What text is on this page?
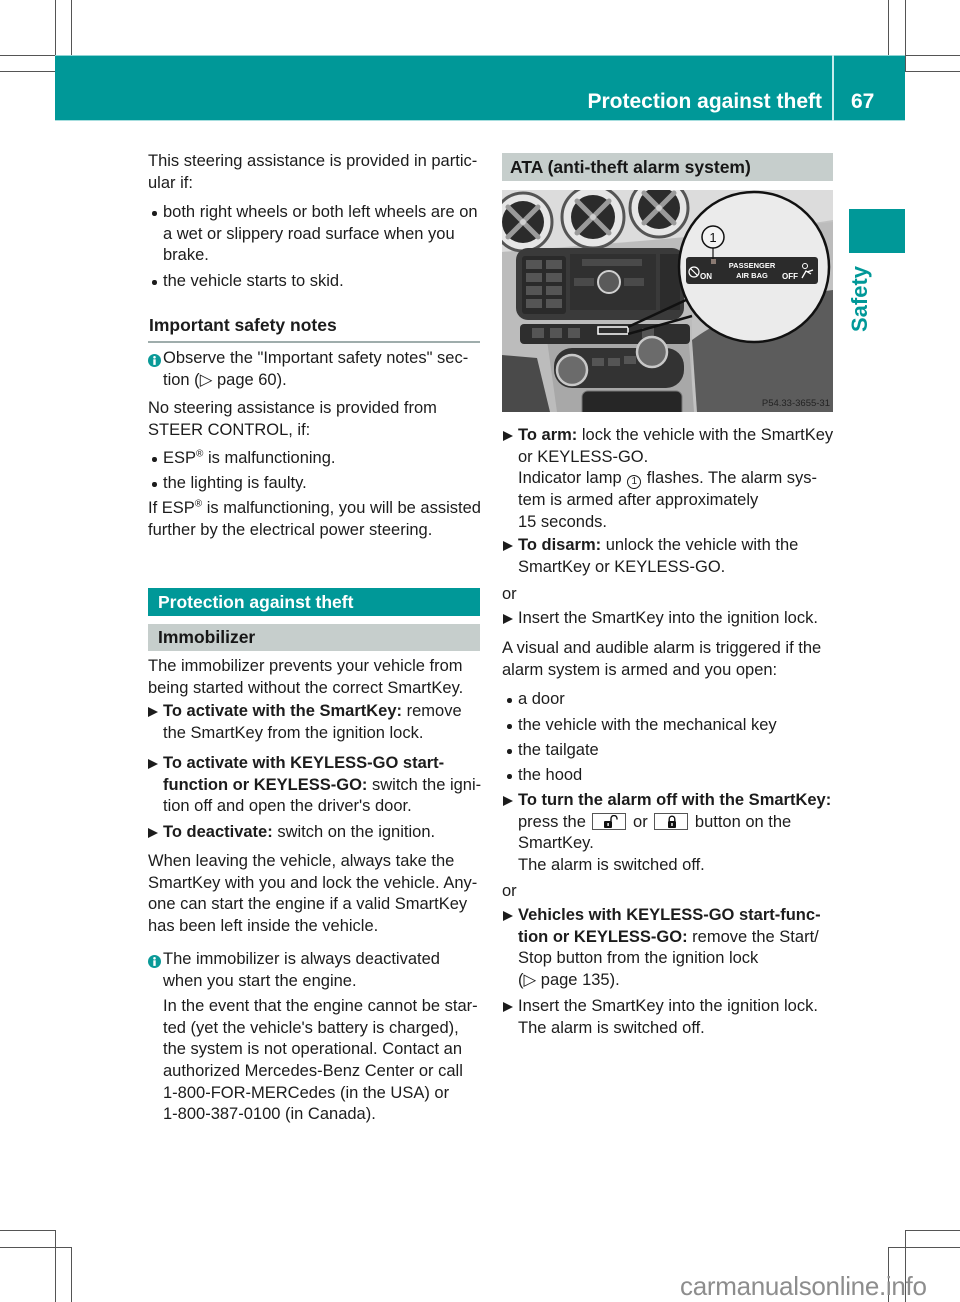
Protection against theft 67
Safety
This steering assistance is provided in partic-
ular if:
both right wheels or both left wheels are on
a wet or slippery road surface when you
brake.
the vehicle starts to skid.
Important safety notes
Observe the "Important safety notes" sec-
tion (▷ page 60).
No steering assistance is provided from
STEER CONTROL, if:
ESP® is malfunctioning.
the lighting is faulty.
If ESP® is malfunctioning, you will be assisted
further by the electrical power steering.
Protection against theft
Immobilizer
The immobilizer prevents your vehicle from
being started without the correct SmartKey.
To activate with the SmartKey: remove
the SmartKey from the ignition lock.
To activate with KEYLESS-GO start-
function or KEYLESS-GO: switch the igni-
tion off and open the driver's door.
To deactivate: switch on the ignition.
When leaving the vehicle, always take the
SmartKey with you and lock the vehicle. Any-
one can start the engine if a valid SmartKey
has been left inside the vehicle.
The immobilizer is always deactivated
when you start the engine.
In the event that the engine cannot be star-
ted (yet the vehicle's battery is charged),
the system is not operational. Contact an
authorized Mercedes-Benz Center or call
1-800-FOR-MERCedes (in the USA) or
1-800-387-0100 (in Canada).
ATA (anti-theft alarm system)
ON
PASSENGER
AIR BAG OFF
1
P54.33-3655-31
To arm: lock the vehicle with the SmartKey
or KEYLESS-GO.
Indicator lamp 1 flashes. The alarm sys-
tem is armed after approximately
15 seconds.
To disarm: unlock the vehicle with the
SmartKey or KEYLESS-GO.
or
Insert the SmartKey into the ignition lock.
A visual and audible alarm is triggered if the
alarm system is armed and you open:
a door
the vehicle with the mechanical key
the tailgate
the hood
To turn the alarm off with the SmartKey:
press the
or
button on the
SmartKey.
The alarm is switched off.
or
Vehicles with KEYLESS-GO start-func-
tion or KEYLESS-GO: remove the Start/
Stop button from the ignition lock
(▷ page 135).
Insert the SmartKey into the ignition lock.
The alarm is switched off.
carmanualsonline.info
